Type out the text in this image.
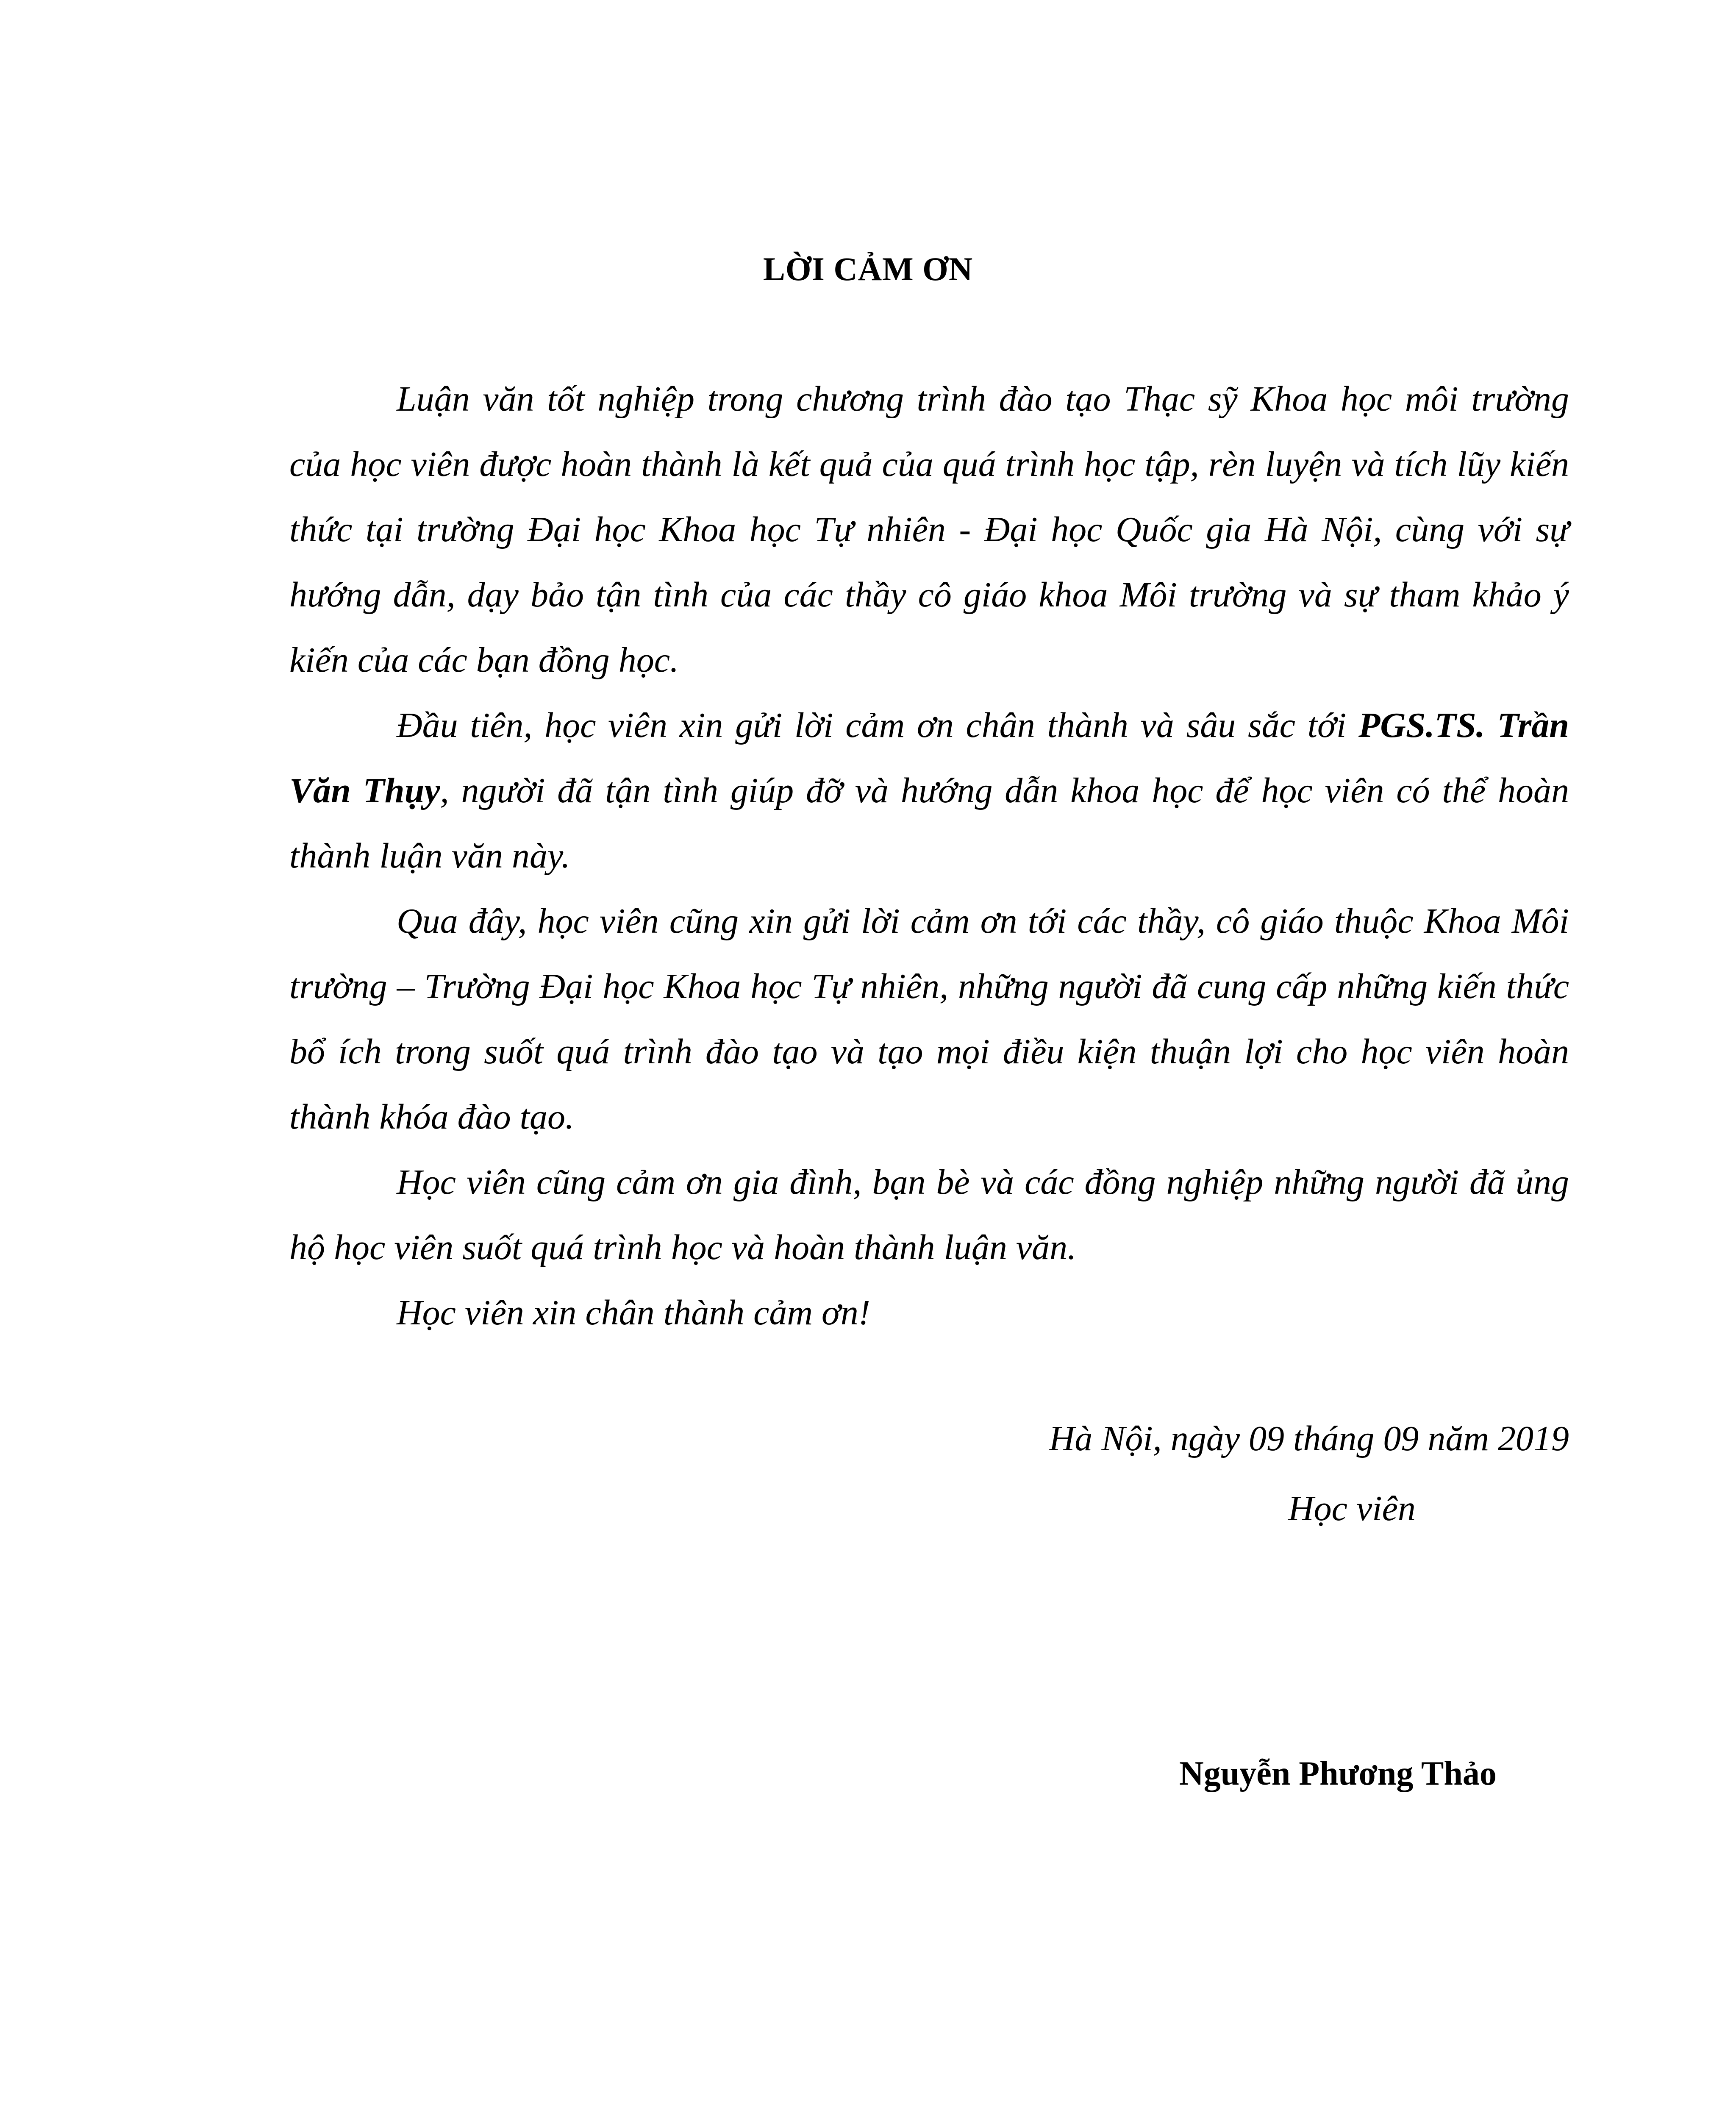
LỜI CẢM ƠN

Luận văn tốt nghiệp trong chương trình đào tạo Thạc sỹ Khoa học môi trường của học viên được hoàn thành là kết quả của quá trình học tập, rèn luyện và tích lũy kiến thức tại trường Đại học Khoa học Tự nhiên - Đại học Quốc gia Hà Nội, cùng với sự hướng dẫn, dạy bảo tận tình của các thầy cô giáo khoa Môi trường và sự tham khảo ý kiến của các bạn đồng học.

Đầu tiên, học viên xin gửi lời cảm ơn chân thành và sâu sắc tới PGS.TS. Trần Văn Thụy, người đã tận tình giúp đỡ và hướng dẫn khoa học để học viên có thể hoàn thành luận văn này.

Qua đây, học viên cũng xin gửi lời cảm ơn tới các thầy, cô giáo thuộc Khoa Môi trường – Trường Đại học Khoa học Tự nhiên, những người đã cung cấp những kiến thức bổ ích trong suốt quá trình đào tạo và tạo mọi điều kiện thuận lợi cho học viên hoàn thành khóa đào tạo.

Học viên cũng cảm ơn gia đình, bạn bè và các đồng nghiệp những người đã ủng hộ học viên suốt quá trình học và hoàn thành luận văn.

Học viên xin chân thành cảm ơn!

Hà Nội, ngày 09 tháng 09 năm 2019
Học viên
Nguyễn Phương Thảo
